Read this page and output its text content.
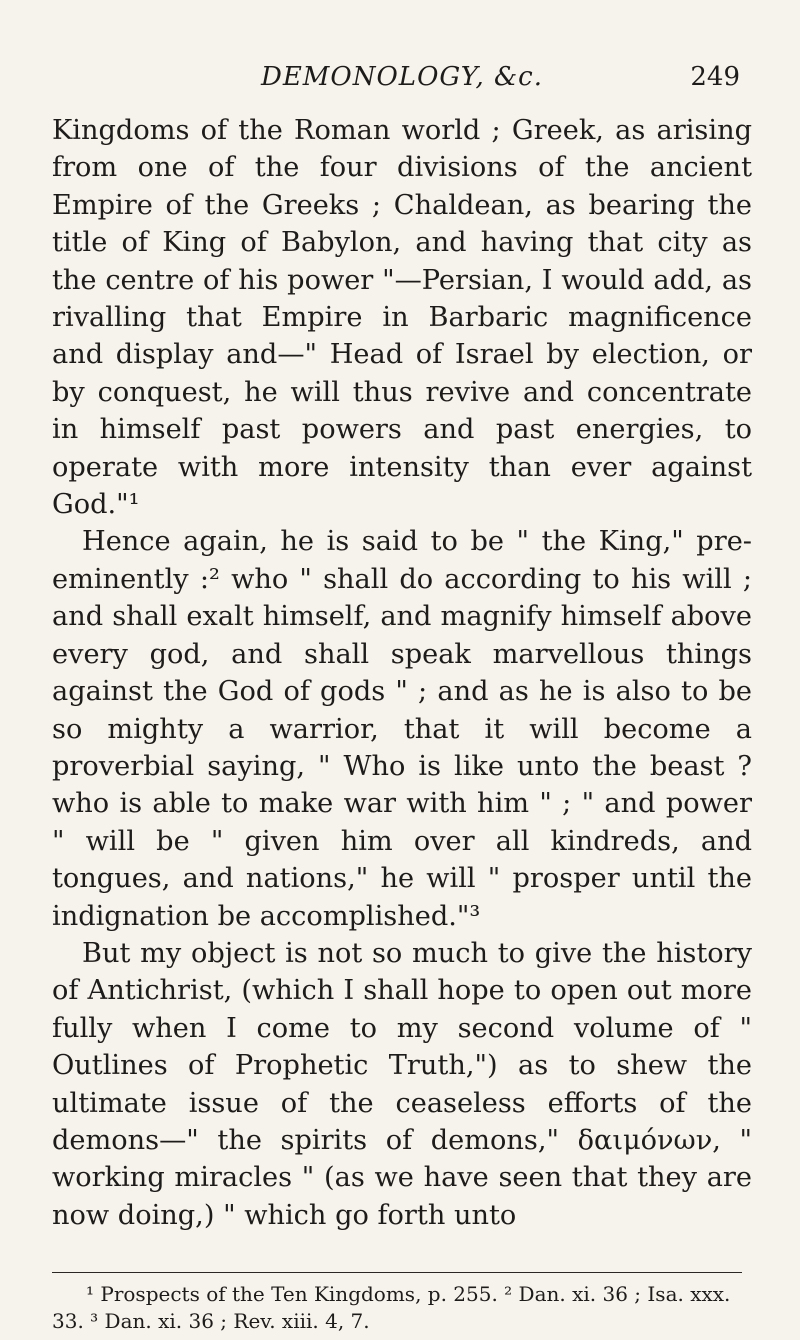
DEMONOLOGY, &c.	249

Kingdoms of the Roman world ; Greek, as arising from one of the four divisions of the ancient Empire of the Greeks ; Chaldean, as bearing the title of King of Babylon, and having that city as the centre of his power "—Persian, I would add, as rivalling that Empire in Barbaric magnificence and display and—" Head of Israel by election, or by conquest, he will thus revive and concentrate in himself past powers and past energies, to operate with more intensity than ever against God."¹

Hence again, he is said to be " the King," pre-eminently :² who " shall do according to his will ; and shall exalt himself, and magnify himself above every god, and shall speak marvellous things against the God of gods " ; and as he is also to be so mighty a warrior, that it will become a proverbial saying, " Who is like unto the beast ? who is able to make war with him " ; " and power " will be " given him over all kindreds, and tongues, and nations," he will " prosper until the indignation be accomplished."³

But my object is not so much to give the history of Antichrist, (which I shall hope to open out more fully when I come to my second volume of " Outlines of Prophetic Truth,") as to shew the ultimate issue of the ceaseless efforts of the demons—" the spirits of demons," δαιμόνων, " working miracles " (as we have seen that they are now doing,) " which go forth unto

¹ Prospects of the Ten Kingdoms, p. 255. ² Dan. xi. 36 ; Isa. xxx. 33. ³ Dan. xi. 36 ; Rev. xiii. 4, 7.
